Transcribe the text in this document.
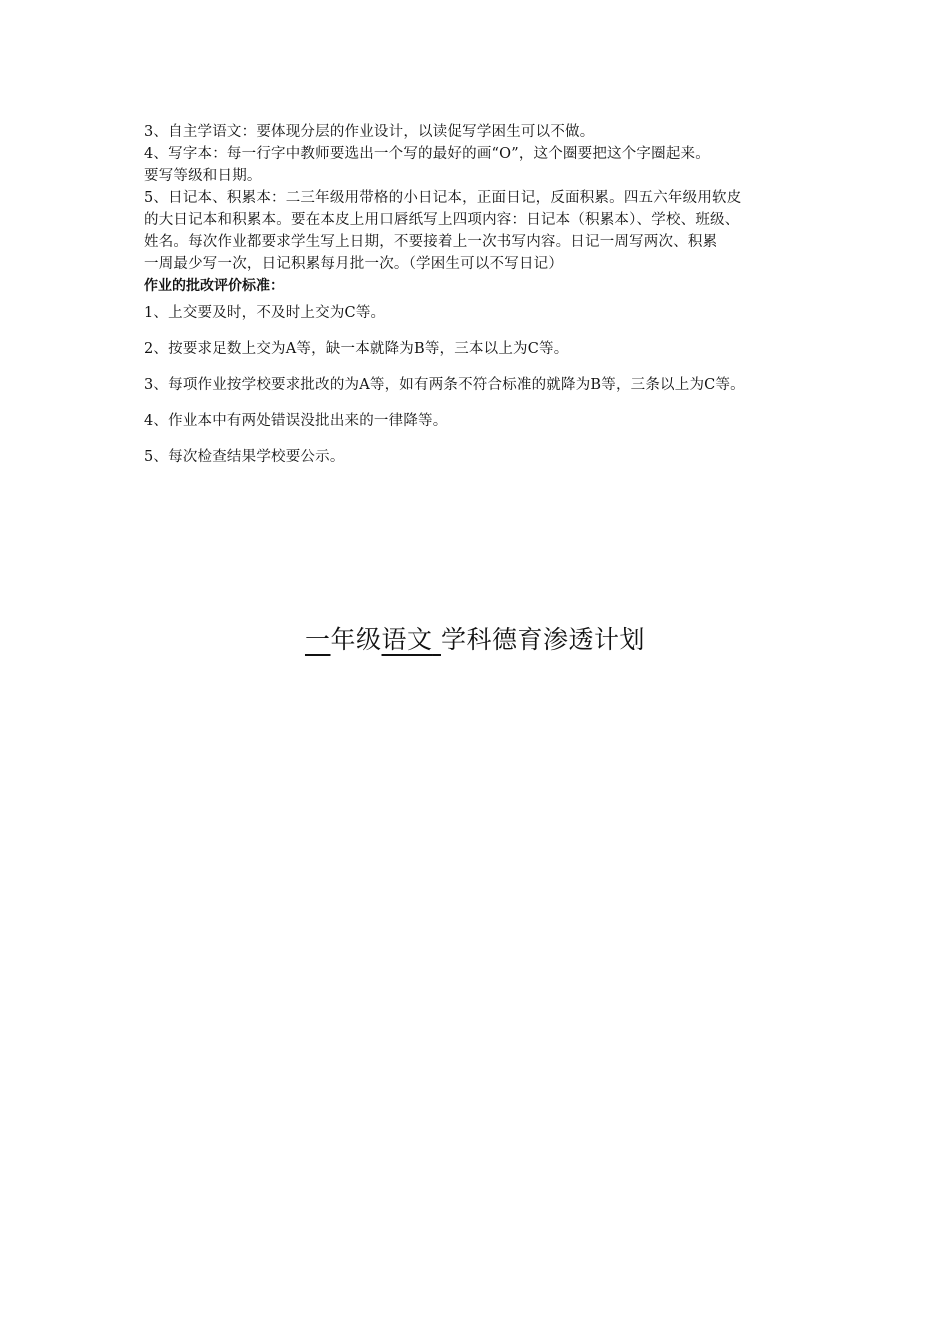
3、自主学语文：要体现分层的作业设计，以读促写学困生可以不做。
4、写字本：每一行字中教师要选出一个写的最好的画“O”，这个圈要把这个字圈起来。
要写等级和日期。
5、日记本、积累本：二三年级用带格的小日记本，正面日记，反面积累。四五六年级用软皮
的大日记本和积累本。要在本皮上用口唇纸写上四项内容：日记本（积累本）、学校、班级、
姓名。每次作业都要求学生写上日期，不要接着上一次书写内容。日记一周写两次、积累
一周最少写一次，日记积累每月批一次。（学困生可以不写日记）
作业的批改评价标准：
1、上交要及时，不及时上交为C等。
2、按要求足数上交为A等，缺一本就降为B等，三本以上为C等。
3、每项作业按学校要求批改的为A等，如有两条不符合标准的就降为B等，三条以上为C等。
4、作业本中有两处错误没批出来的一律降等。
5、每次检查结果学校要公示。
一年级语文 学科德育渗透计划
